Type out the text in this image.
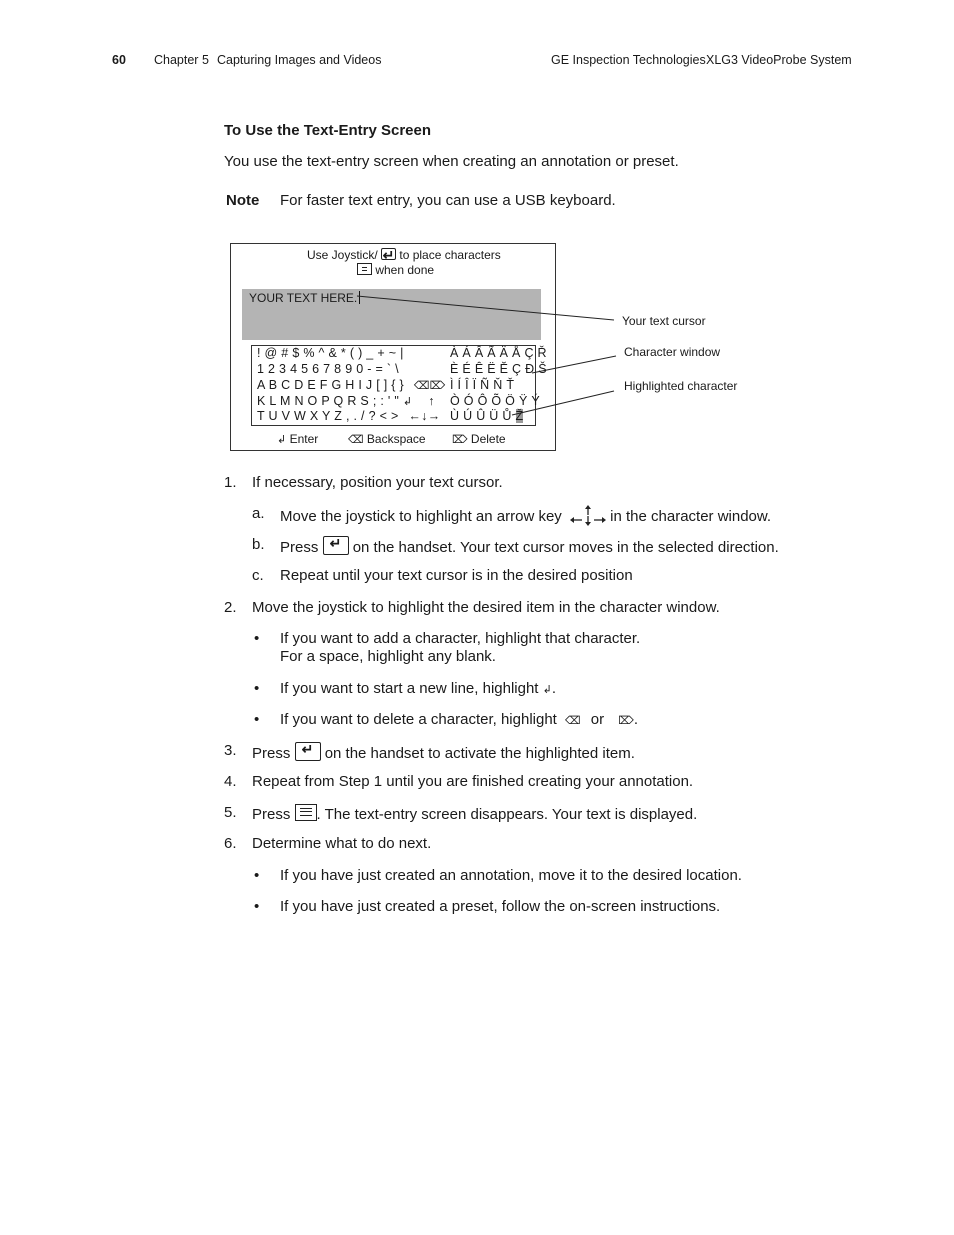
60 Chapter 5 Capturing Images and Videos	GE Inspection Technologies XLG3 VideoProbe System
To Use the Text-Entry Screen
You use the text-entry screen when creating an annotation or preset.
Note For faster text entry, you can use a USB keyboard.
Use Joystick/ ↵ to place characters
when done
YOUR TEXT HERE.
! @ # $ % ^ & * ( ) _ + ~ |
1 2 3 4 5 6 7 8 9 0 - = ` \
A B C D E F G H I J [ ] { } ⌫⌦
K L M N O P Q R S ; : ' " ↲ ↑
T U V W X Y Z , . / ? < > ←↓→
À Á Â Ã Ä Å Ç Ř
È É Ê Ë Ĕ Ç Đ Š
Ì Í Î Ï Ñ Ň Ť
Ò Ó Ô Õ Ö Ÿ Ý
Ù Ú Û Ü Ů Ž
↲ Enter	⌫ Backspace ⌦ Delete
Your text cursor
Character window
Highlighted character
1. If necessary, position your text cursor.
a. Move the joystick to highlight an arrow key	in the character window.
b. Press ↵ on the handset. Your text cursor moves in the selected direction.
c. Repeat until your text cursor is in the desired position
2. Move the joystick to highlight the desired item in the character window.
• If you want to add a character, highlight that character.
For a space, highlight any blank.
• If you want to start a new line, highlight ↲.
• If you want to delete a character, highlight ⌫ or ⌦.
3. Press ↵ on the handset to activate the highlighted item.
4. Repeat from Step 1 until you are finished creating your annotation.
5. Press . The text-entry screen disappears. Your text is displayed.
6. Determine what to do next.
• If you have just created an annotation, move it to the desired location.
• If you have just created a preset, follow the on-screen instructions.
